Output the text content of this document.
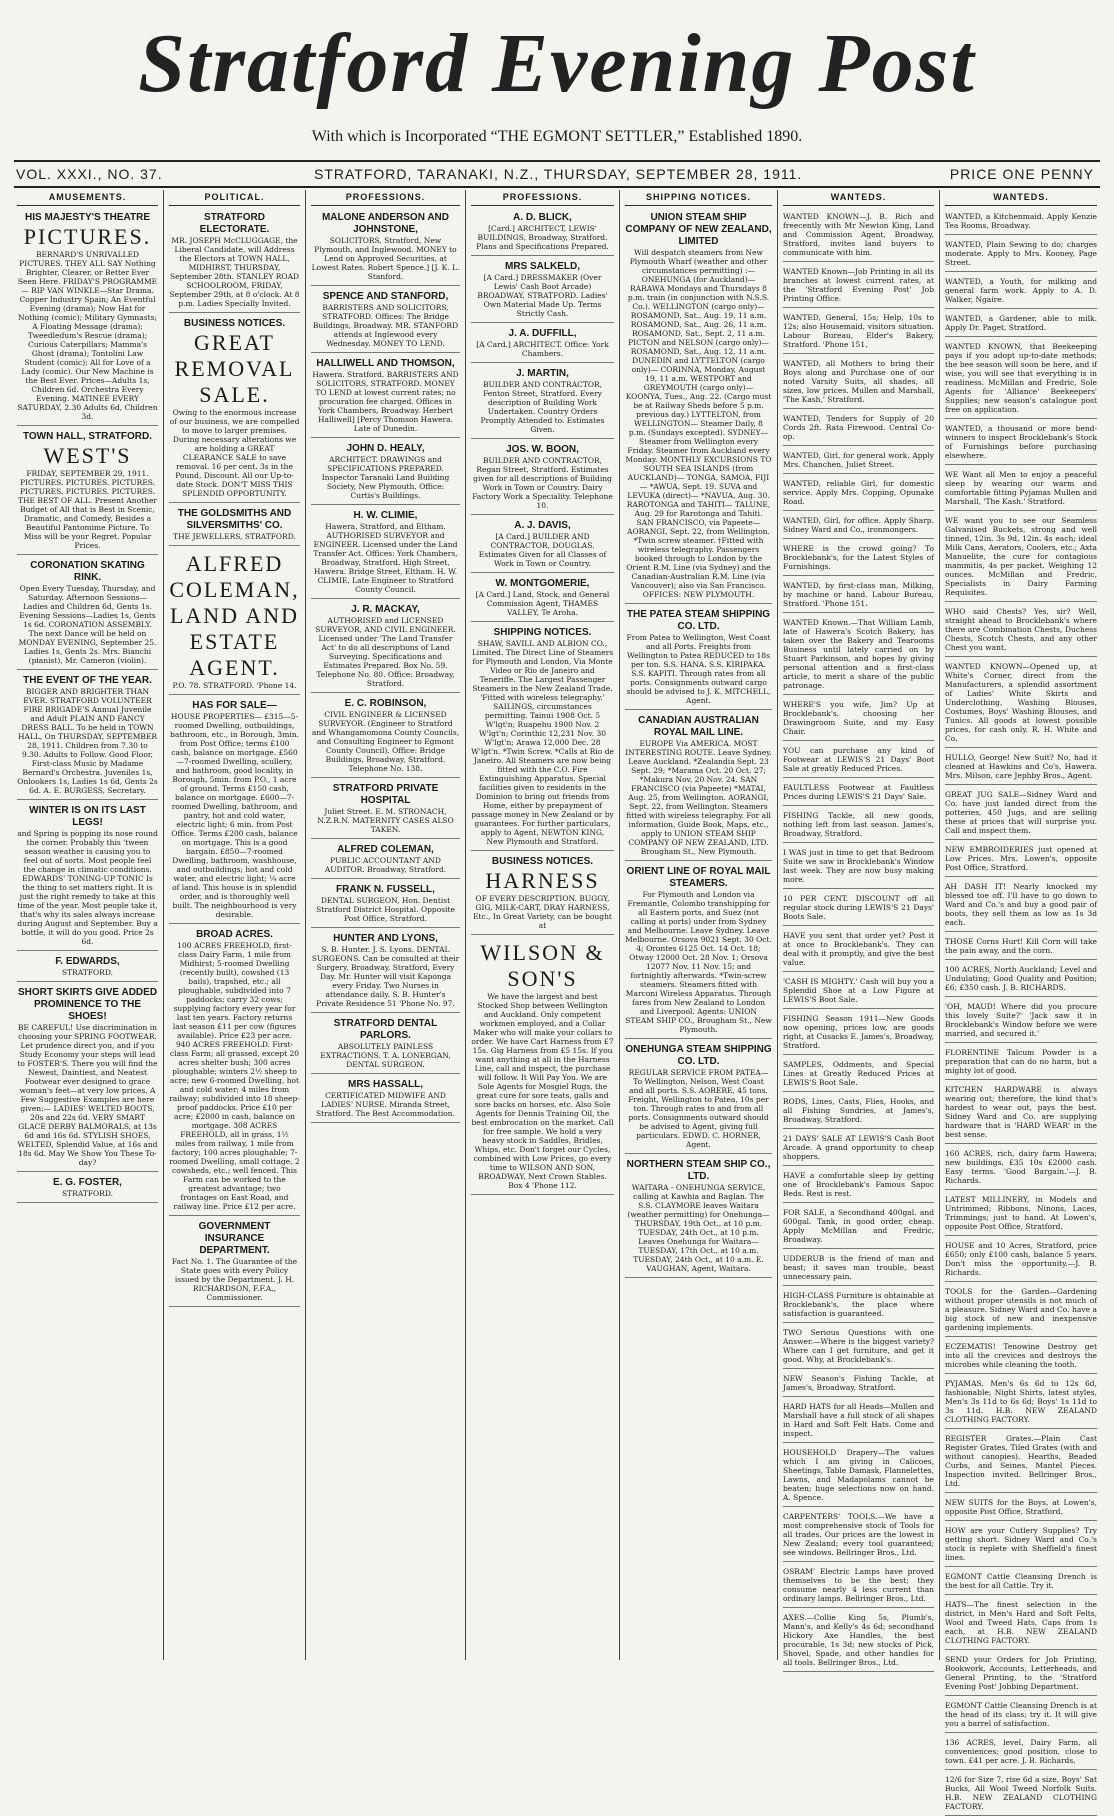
Stratford Evening Post
With which is Incorporated “THE EGMONT SETTLER,” Established 1890.
VOL. XXXI., NO. 37.	STRATFORD, TARANAKI, N.Z., THURSDAY, SEPTEMBER 28, 1911.	PRICE ONE PENNY
AMUSEMENTS.
HIS MAJESTY'S THEATRE
PICTURES.
BERNARD'S UNRIVALLED PICTURES. THEY ALL SAY Nothing Brighter, Clearer, or Better Ever Seen Here. FRIDAY'S PROGRAMME— RIP VAN WINKLE—Star Drama. Copper Industry Spain; An Eventful Evening (drama); Now Hat for Nothing (comic); Military Gymnasts; A Floating Message (drama); Tweedledum's Rescue (drama); Curious Caterpillars; Mamma's Ghost (drama); Tontolini Law Student (comic); All for Love of a Lady (comic). Our New Machine is the Best Ever. Prices—Adults 1s, Children 6d. Orchestra Every Evening. MATINEE EVERY SATURDAY, 2.30 Adults 6d, Children 3d.
TOWN HALL, STRATFORD.
WEST'S
FRIDAY, SEPTEMBER 29, 1911. PICTURES. PICTURES. PICTURES. PICTURES. PICTURES. PICTURES. THE BEST OF ALL. Present Another Budget of All that is Best in Scenic, Dramatic, and Comedy, Besides a Beautiful Pantomime Picture. To Miss will be your Regret. Popular Prices.
CORONATION SKATING RINK.
Open Every Tuesday, Thursday, and Saturday. Afternoon Sessions—Ladies and Children 6d, Gents 1s. Evening Sessions—Ladies 1s, Gents 1s 6d. CORONATION ASSEMBLY. The next Dance will be held on MONDAY EVENING, September 25. Ladies 1s, Gents 2s. Mrs. Bianchi (pianist), Mr. Cameron (violin).
THE EVENT OF THE YEAR.
BIGGER AND BRIGHTER THAN EVER. STRATFORD VOLUNTEER FIRE BRIGADE'S Annual Juvenile and Adult PLAIN AND FANCY DRESS BALL. To be held in TOWN HALL, On THURSDAY, SEPTEMBER 28, 1911. Children from 7.30 to 9.30. Adults to Follow. Good Floor, First-class Music by Madame Bernard's Orchestra. Juveniles 1s, Onlookers 1s, Ladies 1s 6d, Gents 2s 6d. A. E. BURGESS, Secretary.
WINTER IS ON ITS LAST LEGS!
and Spring is popping its nose round the corner. Probably this 'tween season weather is causing you to feel out of sorts. Most people feel the change in climatic conditions. EDWARDS' TONING-UP TONIC Is the thing to set matters right. It is just the right remedy to take at this time of the year. Most people take it, that's why its sales always increase during August and September. Buy a bottle, it will do you good. Price 2s 6d.
F. EDWARDS,
STRATFORD.
SHORT SKIRTS GIVE ADDED PROMINENCE TO THE SHOES!
BE CAREFUL! Use discrimination in choosing your SPRING FOOTWEAR. Let prudence direct you, and if you Study Economy your steps will lead to FOSTER'S. There you will find the Newest, Daintiest, and Neatest Footwear ever designed to grace woman's feet—at very low prices. A Few Suggestive Examples are here given:— LADIES' WELTED BOOTS, 20s and 22s 6d. VERY SMART GLACE DERBY BALMORALS, at 13s 6d and 16s 6d. STYLISH SHOES, WELTED, Splendid Value, at 16s and 18s 6d. May We Show You These To-day?
E. G. FOSTER,
STRATFORD.
POLITICAL.
STRATFORD ELECTORATE.
MR. JOSEPH McCLUGGAGE, the Liberal Candidate, will Address the Electors at TOWN HALL, MIDHIRST, THURSDAY, September 28th. STANLEY ROAD SCHOOLROOM, FRIDAY, September 29th, at 8 o'clock. At 8 p.m. Ladies Specially Invited.
BUSINESS NOTICES.
GREAT REMOVAL SALE.
Owing to the enormous increase of our business, we are compelled to move to larger premises. During necessary alterations we are holding a GREAT CLEARANCE SALE to save removal. 16 per cent. 3s in the Pound, Discount. All our Up-to-date Stock. DON'T MISS THIS SPLENDID OPPORTUNITY.
THE GOLDSMITHS AND SILVERSMITHS' CO.
THE JEWELLERS, STRATFORD.
ALFRED COLEMAN, LAND AND ESTATE AGENT.
P.O. 78. STRATFORD. 'Phone 14.
HAS FOR SALE—
HOUSE PROPERTIES— £315—5-roomed Dwelling, outbuildings, bathroom, etc., in Borough, 3min. from Post Office; terms £100 cash, balance on mortgage. £560—7-roomed Dwelling, scullery, and bathroom, good locality, in Borough, 5min. from P.O., 1 acre of ground. Terms £150 cash, balance on mortgage. £600—7-roomed Dwelling, bathroom, and pantry, hot and cold water, electric light; 6 min. from Post Office. Terms £200 cash, balance on mortgage. This is a good bargain. £850—7-roomed Dwelling, bathroom, washhouse, and outbuildings; hot and cold water, and electric light; ¼ acre of land. This house is in splendid order, and is thoroughly well built. The neighbourhood is very desirable.
BROAD ACRES.
100 ACRES FREEHOLD, first-class Dairy Farm, 1 mile from Midhirst; 5-roomed Dwelling (recently built), cowshed (13 bails), trapshed, etc.; all ploughable, subdivided into 7 paddocks; carry 32 cows; supplying factory every year for last ten years. Factory returns last season £11 per cow (figures available). Price £23 per acre. 940 ACRES FREEHOLD. First-class Farm; all grassed, except 20 acres shelter bush; 300 acres ploughable; winters 2½ sheep to acre; new 6-roomed Dwelling, hot and cold water; 4 miles from railway; subdivided into 18 sheep-proof paddocks. Price £10 per acre; £2000 in cash, balance on mortgage. 308 ACRES FREEHOLD, all in grass, 1½ miles from railway, 1 mile from factory; 100 acres ploughable; 7-roomed Dwelling, small cottage, 2 cowsheds, etc.; well fenced. This Farm can be worked to the greatest advantage; two frontages on East Road, and railway line. Price £12 per acre.
GOVERNMENT INSURANCE DEPARTMENT.
Fact No. 1. The Guarantee of the State goes with every Policy issued by the Department. J. H. RICHARDSON, F.F.A., Commissioner.
PROFESSIONS.
MALONE ANDERSON AND JOHNSTONE,
SOLICITORS, Stratford, New Plymouth, and Inglewood. MONEY to Lend on Approved Securities, at Lowest Rates. Robert Spence.] [J. K. L. Stanford.
SPENCE AND STANFORD,
BARRISTERS AND SOLICITORS, STRATFORD. Offices: The Bridge Buildings, Broadway. MR. STANFORD attends at Inglewood every Wednesday. MONEY TO LEND.
HALLIWELL AND THOMSON,
Hawera. Stratford. BARRISTERS AND SOLICITORS, STRATFORD. MONEY TO LEND at lowest current rates; no procuration fee charged. Offices in York Chambers, Broadway. Herbert Halliwell] [Percy Thomson Hawera. Late of Dunedin.
JOHN D. HEALY,
ARCHITECT. DRAWINGS and SPECIFICATIONS PREPARED. Inspector Taranaki Land Building Society, New Plymouth. Office: Curtis's Buildings.
H. W. CLIMIE,
Hawera, Stratford, and Eltham. AUTHORISED SURVEYOR and ENGINEER. Licensed under the Land Transfer Act. Offices: York Chambers, Broadway, Stratford. High Street, Hawera. Bridge Street, Eltham. H. W. CLIMIE, Late Engineer to Stratford County Council.
J. R. MACKAY,
AUTHORISED and LICENSED SURVEYOR, AND CIVIL ENGINEER. Licensed under 'The Land Transfer Act' to do all descriptions of Land Surveying. Specifications and Estimates Prepared. Box No. 59. Telephone No. 80. Office: Broadway, Stratford.
E. C. ROBINSON,
CIVIL ENGINEER & LICENSED SURVEYOR. (Engineer to Stratford and Whangamomona County Councils, and Consulting Engineer to Egmont County Council). Office: Bridge Buildings, Broadway, Stratford. Telephone No. 138.
STRATFORD PRIVATE HOSPITAL
Juliet Street. E. M. STRONACH, N.Z.R.N. MATERNITY CASES ALSO TAKEN.
ALFRED COLEMAN,
PUBLIC ACCOUNTANT AND AUDITOR. Broadway, Stratford.
FRANK N. FUSSELL,
DENTAL SURGEON, Hon. Dentist Stratford District Hospital. Opposite Post Office, Stratford.
HUNTER AND LYONS,
S. B. Hunter. J. S. Lyons. DENTAL SURGEONS. Can be consulted at their Surgery, Broadway, Stratford, Every Day. Mr. Hunter will visit Kaponga every Friday. Two Nurses in attendance daily. S. B. Hunter's Private Residence 51 'Phone No. 97.
STRATFORD DENTAL PARLORS.
ABSOLUTELY PAINLESS EXTRACTIONS. T. A. LONERGAN, DENTAL SURGEON.
MRS HASSALL,
CERTIFICATED MIDWIFE AND LADIES' NURSE. Miranda Street, Stratford. The Best Accommodation.
PROFESSIONS.
A. D. BLICK,
[Card.] ARCHITECT, LEWIS' BUILDINGS, Broadway, Stratford. Plans and Specifications Prepared.
MRS SALKELD,
[A Card.] DRESSMAKER (Over Lewis' Cash Boot Arcade) BROADWAY, STRATFORD. Ladies' Own Material Made Up. Terms Strictly Cash.
J. A. DUFFILL,
[A Card.] ARCHITECT. Office: York Chambers.
J. MARTIN,
BUILDER AND CONTRACTOR, Fenton Street, Stratford. Every description of Building Work Undertaken. Country Orders Promptly Attended to. Estimates Given.
JOS. W. BOON,
BUILDER AND CONTRACTOR, Regan Street, Stratford. Estimates given for all descriptions of Building Work in Town or Country. Dairy Factory Work a Speciality. Telephone 10.
A. J. DAVIS,
[A Card.] BUILDER AND CONTRACTOR, DOUGLAS. Estimates Given for all Classes of Work in Town or Country.
W. MONTGOMERIE,
[A Card.] Land, Stock, and General Commission Agent, THAMES VALLEY, Te Aroha.
SHIPPING NOTICES.
SHAW, SAVILL AND ALBION CO., Limited. The Direct Line of Steamers for Plymouth and London, Via Monte Video or Rio de Janeiro and Teneriffe. The Largest Passenger Steamers in the New Zealand Trade. 'Fitted with wireless telegraphy.' SAILINGS, circumstances permitting. Tainui 1908 Oct. 5 W'lgt'n; Ruapehu 1900 Nov. 2 W'lgt'n; Corinthic 12,231 Nov. 30 W'lgt'n; Arawa 12,000 Dec. 28 W'lgt'n. *Twin Screw. *Calls at Rio de Janeiro. All Steamers are now being fitted with the C.O. Fire Extinguishing Apparatus. Special facilities given to residents in the Dominion to bring out friends from Home, either by prepayment of passage money in New Zealand or by guarantees. For further particulars, apply to Agent, NEWTON KING, New Plymouth and Stratford.
BUSINESS NOTICES.
HARNESS
OF EVERY DESCRIPTION. BUGGY, GIG, MILK-CART, DRAY HARNESS, Etc., In Great Variety, can be bought at
WILSON & SON'S
We have the largest and best Stocked Shop between Wellington and Auckland. Only competent workmen employed, and a Collar Maker who will make your collars to order. We have Cart Harness from £7 15s. Gig Harness from £5 15s. If you want anything at all in the Harness Line, call and inspect, the purchase will follow. It Will Pay You. We are Sole Agents for Mosgiel Rugs, the great cure for sore teats, galls and sore backs on horses, etc. Also Sole Agents for Dennis Training Oil, the best embrocation on the market. Call for free sample. We hold a very heavy stock in Saddles, Bridles, Whips, etc. Don't forget our Cycles, combined with Low Prices, go every time to WILSON AND SON, BROADWAY, Next Crown Stables. Box 4 'Phone 112.
SHIPPING NOTICES.
UNION STEAM SHIP COMPANY OF NEW ZEALAND, LIMITED
Will despatch steamers from New Plymouth Wharf (weather and other circumstances permitting) :— ONEHUNGA (for Auckland)— RARAWA Mondays and Thursdays 8 p.m. train (in conjunction with N.S.S. Co.). WELLINGTON (cargo only)— ROSAMOND, Sat., Aug. 19, 11 a.m. ROSAMOND, Sat., Aug. 26, 11 a.m. ROSAMOND, Sat., Sept. 2, 11 a.m. PICTON and NELSON (cargo only)— ROSAMOND, Sat., Aug. 12, 11 a.m. DUNEDIN and LYTTELTON (cargo only)— CORINNA, Monday, August 19, 11 a.m. WESTPORT and GREYMOUTH (cargo only)— KOONYA, Tues., Aug. 22. (Cargo must be at Railway Sheds before 5 p.m. previous day.) LYTTELTON, from WELLINGTON— Steamer Daily, 8 p.m. (Sundays excepted). SYDNEY— Steamer from Wellington every Friday. Steamer from Auckland every Monday. MONTHLY EXCURSIONS TO SOUTH SEA ISLANDS (from AUCKLAND)— TONGA, SAMOA, FIJI— *AWUA, Sept. 19. SUVA and LEVUKA (direct)— *NAVUA, Aug. 30. RAROTONGA and TAHITI— TALUNE, Aug. 29 for Rarotonga and Tahiti. SAN FRANCISCO, via Papeete— AORANGI, Sept. 22, from Wellington. *Twin screw steamer. †Fitted with wireless telegraphy. Passengers booked through to London by the Orient R.M. Line (via Sydney) and the Canadian-Australian R.M. Line (via Vancouver); also via San Francisco. OFFICES: NEW PLYMOUTH.
THE PATEA STEAM SHIPPING CO. LTD.
From Patea to Wellington, West Coast and all Ports. Freights from Wellington to Patea REDUCED to 18s per ton. S.S. HANA. S.S. KIRIPAKA. S.S. KAPITI. Through rates from all ports. Consignments outward cargo should be advised to J. K. MITCHELL, Agent.
CANADIAN AUSTRALIAN ROYAL MAIL LINE.
EUROPE Via AMERICA. MOST INTERESTING ROUTE. Leave Sydney. Leave Auckland. *Zealandia Sept. 23 Sept. 29; *Marama Oct. 20 Oct. 27; *Makura Nov. 20 Nov. 24. SAN FRANCISCO (via Papeete) *MATAI, Aug. 25, from Wellington. AORANGI, Sept. 22, from Wellington. Steamers fitted with wireless telegraphy. For all information, Guide Book, Maps, etc., apply to UNION STEAM SHIP COMPANY OF NEW ZEALAND, LTD. Brougham St., New Plymouth.
ORIENT LINE OF ROYAL MAIL STEAMERS.
For Plymouth and London via Fremantle, Colombo transhipping for all Eastern ports, and Suez (not calling at ports) under from Sydney and Melbourne. Leave Sydney. Leave Melbourne. Orsova 9021 Sept. 30 Oct. 4; Orontes 6125 Oct. 14 Oct. 18; Otway 12000 Oct. 28 Nov. 1; Orsova 12077 Nov. 11 Nov. 15; and fortnightly afterwards. *Twin-screw steamers. Steamers fitted with Marconi Wireless Apparatus. Through fares from New Zealand to London and Liverpool. Agents: UNION STEAM SHIP CO., Brougham St., New Plymouth.
ONEHUNGA STEAM SHIPPING CO. LTD.
REGULAR SERVICE FROM PATEA— To Wellington, Nelson, West Coast and all ports. S.S. AORERE, 45 tons. Freight, Wellington to Patea, 10s per ton. Through rates to and from all ports. Consignments outward should be advised to Agent, giving full particulars. EDWD. C. HORNER, Agent.
NORTHERN STEAM SHIP CO., LTD.
WAITARA - ONEHUNGA SERVICE, calling at Kawhia and Raglan. The S.S. CLAYMORE leaves Waitara (weather permitting) for Onehunga— THURSDAY, 19th Oct., at 10 p.m. TUESDAY, 24th Oct., at 10 p.m. Leaves Onehunga for Waitara— TUESDAY, 17th Oct., at 10 a.m. TUESDAY, 24th Oct., at 10 a.m. E. VAUGHAN, Agent, Waitara.
WANTEDS.
WANTED KNOWN—J. B. Rich and freecently with Mr Newton King, Land and Commission Agent, Broadway, Stratford, invites land buyers to communicate with him.
WANTED Known—Job Printing in all its branches at lowest current rates, at the 'Stratford Evening Post' Job Printing Office.
WANTED, General, 15s; Help, 10s to 12s; also Housemaid, visitors situation. Labour Bureau, Elder's Bakery, Stratford. 'Phone 151.
WANTED, all Mothers to bring their Boys along and Purchase one of our noted Varsity Suits, all shades, all sizes, low prices. Mullen and Marshall, 'The Kash,' Stratford.
WANTED, Tenders for Supply of 20 Cords 2ft. Rata Firewood. Central Co-op.
WANTED, Girl, for general work. Apply Mrs. Chanchen, Juliet Street.
WANTED, reliable Girl, for domestic service. Apply Mrs. Copping, Opunake Road.
WANTED, Girl, for office. Apply Sharp. Sidney Ward and Co., ironmongers.
WHERE is the crowd going? To Brocklebank's, for the Latest Styles of Furnishings.
WANTED, by first-class man, Milking, by machine or hand. Labour Bureau, Stratford. 'Phone 151.
WANTED Known.—That William Lamb, late of Hawera's Scotch Bakery, has taken over the Bakery and Tearooms Business until lately carried on by Stuart Parkinson, and hopes by giving personal attention and a first-class article, to merit a share of the public patronage.
WHERE'S you wife, Jim? Up at Brocklebank's, choosing her Drawingroom Suite, and my Easy Chair.
YOU can purchase any kind of Footwear at LEWIS'S 21 Days' Boot Sale at greatly Reduced Prices.
FAULTLESS Footwear at Faultless Prices during LEWIS'S 21 Days' Sale.
FISHING Tackle, all new goods, nothing left from last season. James's, Broadway, Stratford.
I WAS just in time to get that Bedroom Suite we saw in Brocklebank's Window last week. They are now busy making more.
10 PER CENT. DISCOUNT off all regular stock during LEWIS'S 21 Days' Boots Sale.
HAVE you sent that order yet? Post it at once to Brocklebank's. They can deal with it promptly, and give the best value.
'CASH IS MIGHTY.' Cash will buy you a Splendid Shoe at a Low Figure at LEWIS'S Boot Sale.
FISHING Season 1911—New Goods now opening, prices low, are goods right, at Cusacks E. James's, Broadway, Stratford.
SAMPLES, Oddments, and Special Lines at Greatly Reduced Prices at LEWIS'S Boot Sale.
RODS, Lines, Casts, Flies, Hooks, and all Fishing Sundries, at James's, Broadway, Stratford.
21 DAYS' SALE AT LEWIS'S Cash Boot Arcade. A grand opportunity to cheap shoppers.
HAVE a comfortable sleep by getting one of Brocklebank's Famous Sapoc Beds. Rest is rest.
FOR SALE, a Secondhand 400gal. and 600gal. Tank, in good order, cheap. Apply McMillan and Fredric, Broadway.
UDDERUB is the friend of man and beast; it saves man trouble, beast unnecessary pain.
HIGH-CLASS Furniture is obtainable at Brocklebank's, the place where satisfaction is guaranteed.
TWO Serious Questions with one Answer.—Where is the biggest variety? Where can I get furniture, and get it good. Why, at Brocklebank's.
NEW Season's Fishing Tackle, at James's, Broadway, Stratford.
HARD HATS for all Heads—Mullen and Marshall have a full stock of all shapes in Hard and Soft Felt Hats. Come and inspect.
HOUSEHOLD Drapery—The values which I am giving in Calicoes, Sheetings, Table Damask, Flannelettes, Lawns, and Madapolams cannot be beaten; huge selections now on hand. A. Spence.
CARPENTERS' TOOLS.—We have a most comprehensive stock of Tools for all trades. Our prices are the lowest in New Zealand; every tool guaranteed; see windows. Bellringer Bros., Ltd.
OSRAM' Electric Lamps have proved themselves to be the best; they consume nearly 4 less current than ordinary lamps. Bellringer Bros., Ltd.
AXES.—Collie King 5s, Plumb's, Mann's, and Kelly's 4s 6d; secondhand Hickory Axe Handles, the best procurable, 1s 3d; new stocks of Pick, Shovel, Spade, and other handles for all tools. Bellringer Bros., Ltd.
WANTEDS.
WANTED, a Kitchenmaid. Apply Kenzie Tea Rooms, Broadway.
WANTED, Plain Sewing to do; charges moderate. Apply to Mrs. Kooney, Page Street.
WANTED, a Youth, for milking and general farm work. Apply to A. D. Walker, Ngaire.
WANTED, a Gardener, able to milk. Apply Dr. Paget, Stratford.
WANTED KNOWN, that Beekeeping pays if you adopt up-to-date methods; the bee season will soon be here, and if wise, you will see that everything is in readiness. McMillan and Fredric, Sole Agents for 'Alliance' Beekeepers' Supplies; new season's catalogue post free on application.
WANTED, a thousand or more bend-winners to inspect Brocklebank's Stock of Furnishings before purchasing elsewhere.
WE Want all Men to enjoy a peaceful sleep by wearing our warm and comfortable fitting Pyjamas Mullen and Marshall, 'The Kash.' Stratford.
WE want you to see our Seamless Galvanised Buckets, strong and well tinned, 12in. 3s 9d, 12in. 4s each; ideal Milk Cans, Aerators, Coolers, etc.; Axta Manuelite, the cure for contagious mammitis, 4s per packet. Weighing 12 ounces. McMillan and Fredric, Specialists in Dairy Farming Requisites.
WHO said Chests? Yes, sir? Well, straight ahead to Brocklebank's where there are Combination Chests, Duchess Chests, Scotch Chests, and any other Chest you want.
WANTED KNOWN—Opened up, at White's Corner, direct from the Manufacturers, a splendid assortment of Ladies' White Skirts and Underclothing, Washing Blouses, Costumes, Boys' Washing Blouses, and Tunics. All goods at lowest possible prices, for cash only. R. H. White and Co.
HULLO, George! New Suit? No, had it cleaned at Hawkins and Co's, Hawera. Mrs. Milson, care Jephby Bros., Agent.
GREAT JUG SALE—Sidney Ward and Co. have just landed direct from the potteries, 450 Jugs, and are selling these at prices that will surprise you. Call and inspect them.
NEW EMBROIDERIES just opened at Low Prices. Mrs. Lowen's, opposite Post Office, Stratford.
AH DASH IT! Nearly knocked my blessed toe off. I'll have to go down to Ward and Co.'s and buy a good pair of boots, they sell them as low as 1s 3d each.
THOSE Corns Hurt! Kill Corn will take the pain away, and the corn.
100 ACRES, North Auckland; Level and Undulating; Good Quality and Position; £6; £350 cash. J. B. RICHARDS.
'OH, MAUD! Where did you procure this lovely Suite?' 'Jack saw it in Brocklebank's Window before we were married, and secured it.'
FLORENTINE Talcum Powder is a preparation that can do no harm, but a mighty lot of good.
KITCHEN HARDWARE is always wearing out; therefore, the kind that's hardest to wear out, pays the best. Sidney Ward and Co. are supplying hardware that is 'HARD WEAR' in the best sense.
160 ACRES, rich, dairy farm Hawera; new buildings, £35 10s £2000 cash. Easy terms. 'Good Bargain.'—J. B. Richards.
LATEST MILLINERY, in Models and Untrimmed; Ribbons, Ninons, Laces, Trimmings; just to hand. At Lowen's, opposite Post Office, Stratford.
HOUSE and 10 Acres, Stratford, price £650; only £100 cash, balance 5 years. Don't miss the opportunity.—J. B. Richards.
TOOLS for the Garden—Gardening without proper utensils is not much of a pleasure. Sidney Ward and Co. have a big stock of new and inexpensive gardening implements.
ECZEMATIS! Tenowine Destroy get into all the crevices and destroys the microbes while cleaning the tooth.
PYJAMAS, Men's 6s 6d to 12s 6d, fashionable; Night Shirts, latest styles, Men's 3s 11d to 6s 6d; Boys' 1s 11d to 3s 11d. H.B. NEW ZEALAND CLOTHING FACTORY.
REGISTER Grates.—Plain Cast Register Grates, Tiled Grates (with and without canopies). Hearths, Beaded Curbs, and Seines, Mantel Pieces. Inspection invited. Bellringer Bros., Ltd.
NEW SUITS for the Boys, at Lowen's, opposite Post Office, Stratford.
HOW are your Cutlery Supplies? Try getting short. Sidney Ward and Co.'s stock is replete with Sheffield's finest lines.
EGMONT Cattle Cleansing Drench is the best for all Cattle. Try it.
HATS—The finest selection in the district, in Men's Hard and Soft Felts, Wool and Tweed Hats, Caps from 1s each, at H.B. NEW ZEALAND CLOTHING FACTORY.
SEND your Orders for Job Printing, Bookwork, Accounts, Letterheads, and General Printing, to the 'Stratford Evening Post' Jobbing Department.
EGMONT Cattle Cleansing Drench is at the head of its class; try it. It will give you a barrel of satisfaction.
136 ACRES, level, Dairy Farm, all conveniences; good position, close to town. £41 per acre. J. B. Richards.
12/6 for Size 7, rise 6d a size, Boys' Sat Bucks, All Wool Tweed Norfolk Suits. H.B. NEW ZEALAND CLOTHING FACTORY.
